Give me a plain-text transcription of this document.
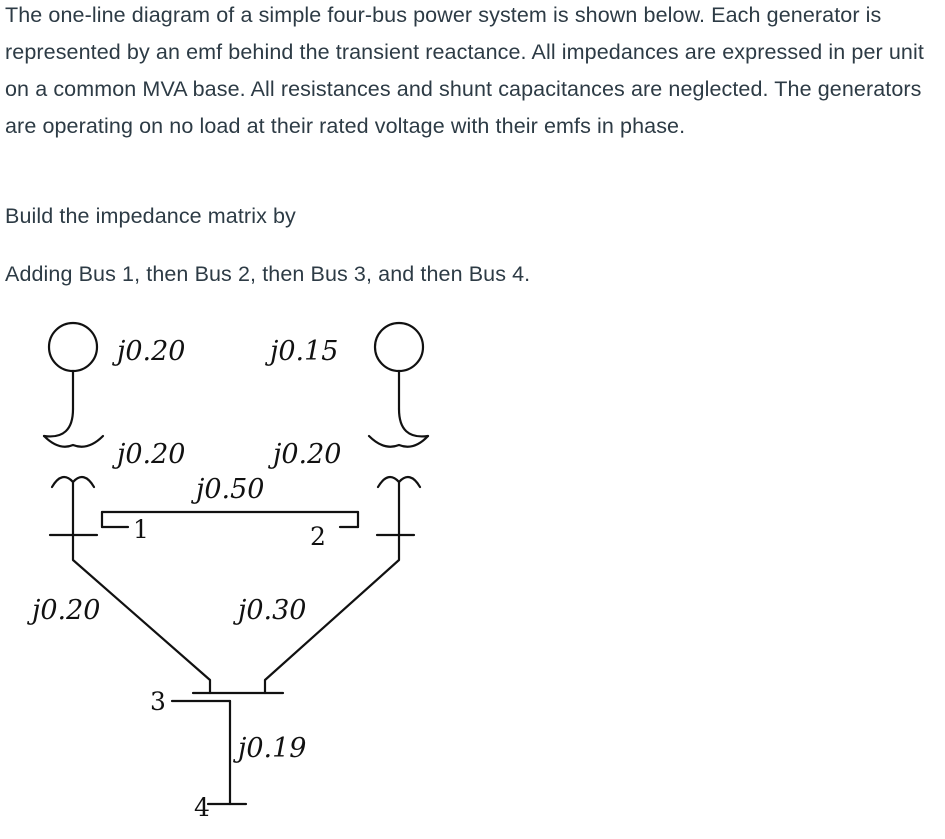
The one-line diagram of a simple four-bus power system is shown below. Each generator is represented by an emf behind the transient reactance. All impedances are expressed in per unit on a common MVA base. All resistances and shunt capacitances are neglected. The generators are operating on no load at their rated voltage with their emfs in phase.

Build the impedance matrix by

Adding Bus 1, then Bus 2, then Bus 3, and then Bus 4.

j0.20	j0.15
j0.20	j0.20
j0.50
j0.20	j0.30
j0.19
1	2
3
4
